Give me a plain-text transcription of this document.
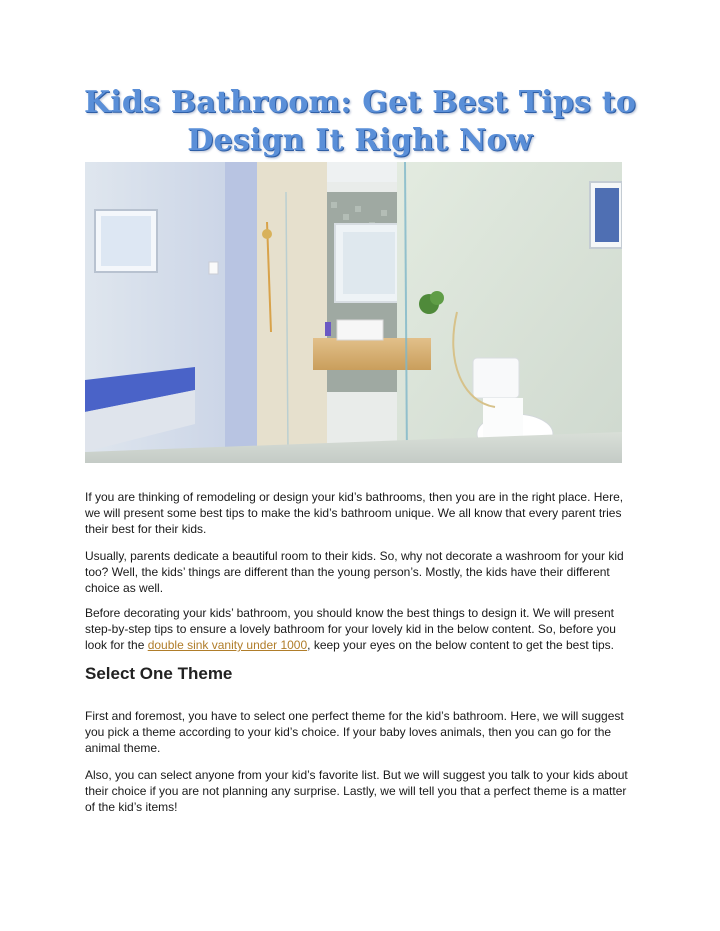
Kids Bathroom: Get Best Tips to
Design It Right Now

If you are thinking of remodeling or design your kid’s bathrooms, then you are in the right place. Here, we will present some best tips to make the kid’s bathroom unique. We all know that every parent tries their best for their kids.

Usually, parents dedicate a beautiful room to their kids. So, why not decorate a washroom for your kid too? Well, the kids’ things are different than the young person’s. Mostly, the kids have their different choice as well.

Before decorating your kids’ bathroom, you should know the best things to design it. We will present step-by-step tips to ensure a lovely bathroom for your lovely kid in the below content. So, before you look for the double sink vanity under 1000, keep your eyes on the below content to get the best tips.

Select One Theme

First and foremost, you have to select one perfect theme for the kid’s bathroom. Here, we will suggest you pick a theme according to your kid’s choice. If your baby loves animals, then you can go for the animal theme.

Also, you can select anyone from your kid’s favorite list. But we will suggest you talk to your kids about their choice if you are not planning any surprise. Lastly, we will tell you that a perfect theme is a matter of the kid’s items!
